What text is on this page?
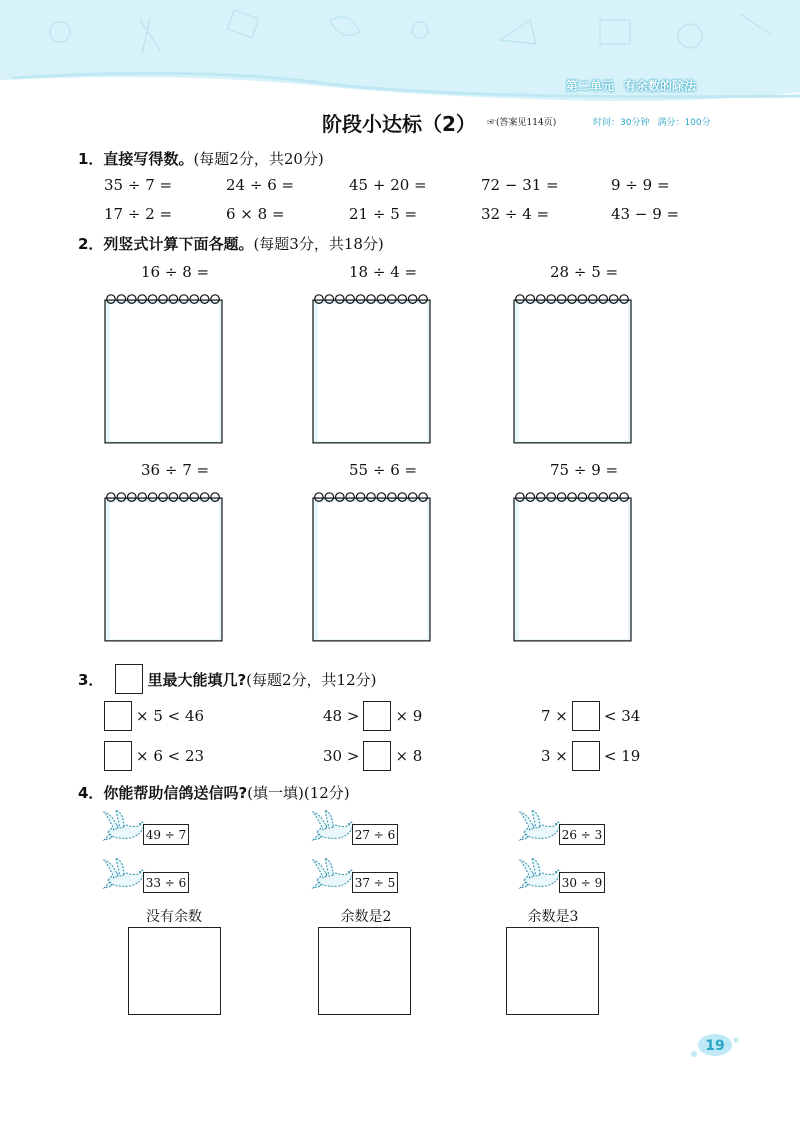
第二单元 有余数的除法
阶段小达标（2） ☞(答案见114页)	时间：30分钟 满分：100分
1．直接写得数。(每题2分，共20分)
35 ÷ 7 =	24 ÷ 6 =	45 + 20 =	72 − 31 =	9 ÷ 9 =
17 ÷ 2 =	6 × 8 =	21 ÷ 5 =	32 ÷ 4 =	43 − 9 =
2．列竖式计算下面各题。(每题3分，共18分)
16 ÷ 8 =	18 ÷ 4 =	28 ÷ 5 =
36 ÷ 7 =	55 ÷ 6 =	75 ÷ 9 =
3．	里最大能填几? (每题2分，共12分)
× 5 < 46	48 > × 9	7 × < 34
× 6 < 23	30 > × 8	3 × < 19
4．你能帮助信鸽送信吗?(填一填)(12分)
49 ÷ 7	27 ÷ 6	26 ÷ 3
33 ÷ 6	37 ÷ 5	30 ÷ 9
没有余数	余数是2	余数是3
19
